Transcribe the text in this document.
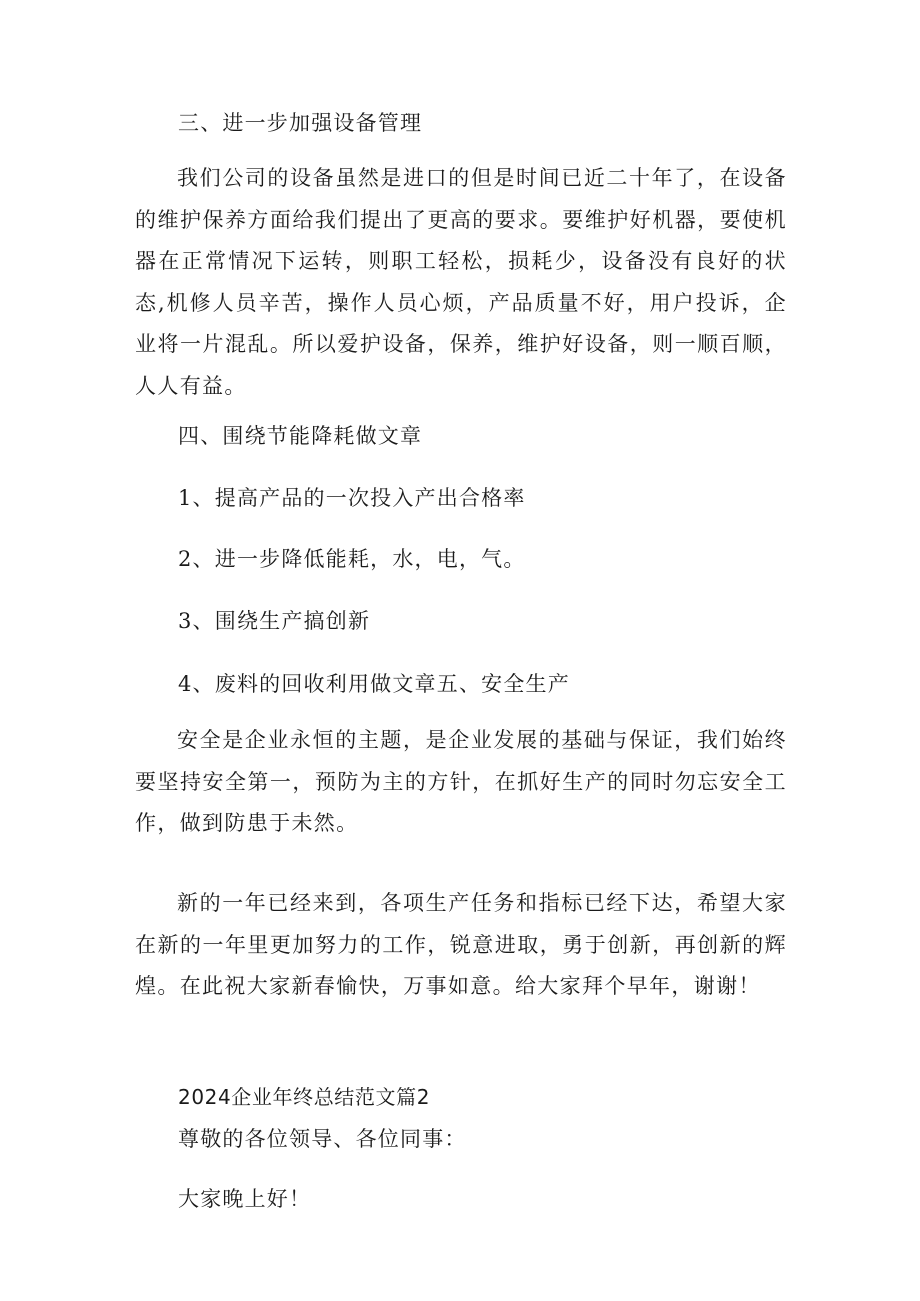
三、进一步加强设备管理
我们公司的设备虽然是进口的但是时间已近二十年了，在设备的维护保养方面给我们提出了更高的要求。要维护好机器，要使机器在正常情况下运转，则职工轻松，损耗少，设备没有良好的状态,机修人员辛苦，操作人员心烦，产品质量不好，用户投诉，企业将一片混乱。所以爱护设备，保养，维护好设备，则一顺百顺，人人有益。
四、围绕节能降耗做文章
1、提高产品的一次投入产出合格率
2、进一步降低能耗，水，电，气。
3、围绕生产搞创新
4、废料的回收利用做文章五、安全生产
安全是企业永恒的主题，是企业发展的基础与保证，我们始终要坚持安全第一，预防为主的方针，在抓好生产的同时勿忘安全工作，做到防患于未然。
新的一年已经来到，各项生产任务和指标已经下达，希望大家在新的一年里更加努力的工作，锐意进取，勇于创新，再创新的辉煌。在此祝大家新春愉快，万事如意。给大家拜个早年，谢谢！
2024企业年终总结范文篇2
尊敬的各位领导、各位同事：
大家晚上好！
